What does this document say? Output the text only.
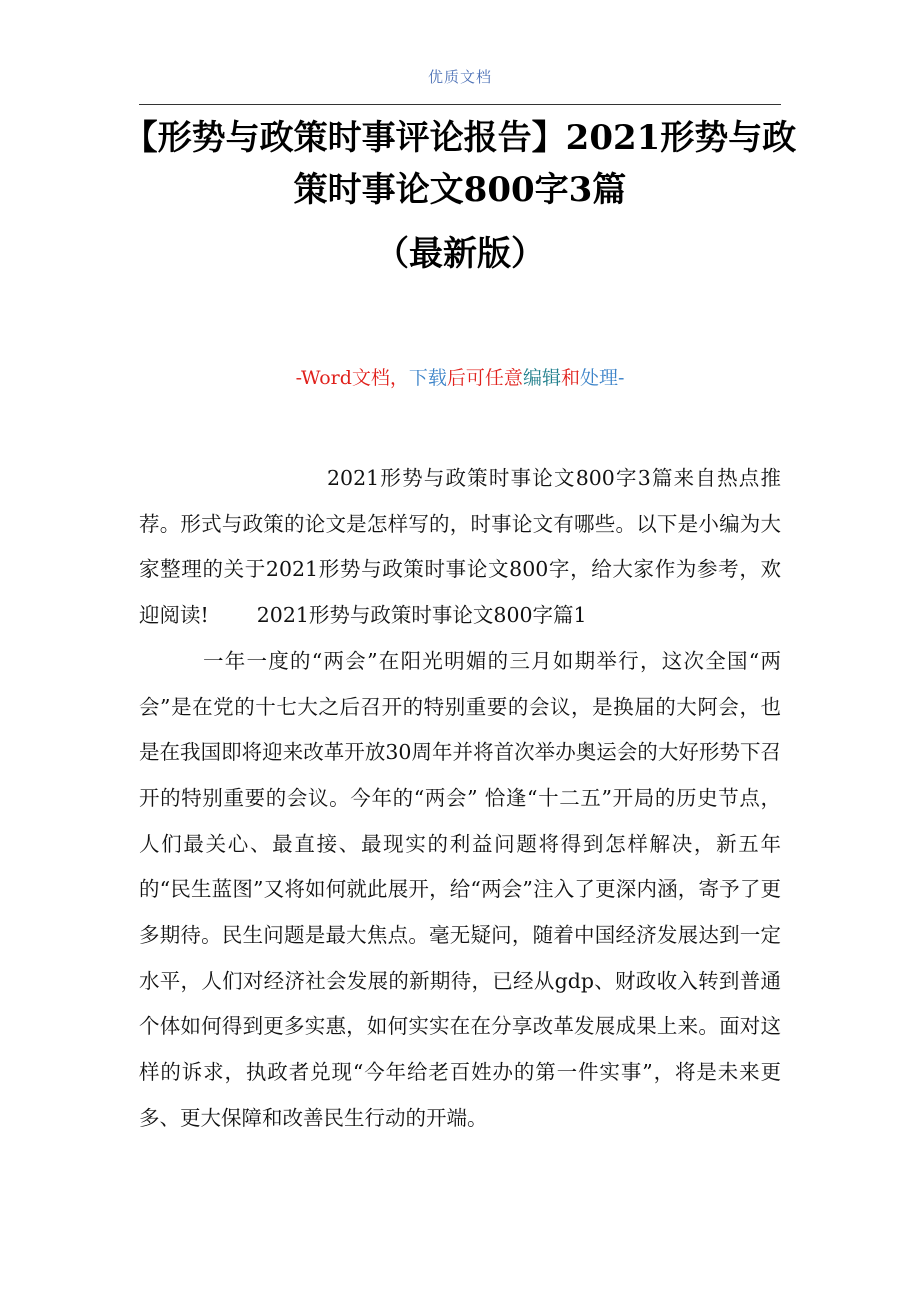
优质文档
【形势与政策时事评论报告】2021形势与政策时事论文800字3篇
（最新版）
-Word文档，下载后可任意编辑和处理-

2021形势与政策时事论文800字3篇来自热点推荐。形式与政策的论文是怎样写的，时事论文有哪些。以下是小编为大家整理的关于2021形势与政策时事论文800字，给大家作为参考，欢迎阅读! 2021形势与政策时事论文800字篇1

一年一度的“两会”在阳光明媚的三月如期举行，这次全国“两会”是在党的十七大之后召开的特别重要的会议，是换届的大阿会，也是在我国即将迎来改革开放30周年并将首次举办奥运会的大好形势下召开的特别重要的会议。今年的“两会” 恰逢“十二五”开局的历史节点，人们最关心、最直接、最现实的利益问题将得到怎样解决，新五年的“民生蓝图”又将如何就此展开，给“两会”注入了更深内涵，寄予了更多期待。民生问题是最大焦点。毫无疑问，随着中国经济发展达到一定水平，人们对经济社会发展的新期待，已经从gdp、财政收入转到普通个体如何得到更多实惠，如何实实在在分享改革发展成果上来。面对这样的诉求，执政者兑现“今年给老百姓办的第一件实事”，将是未来更多、更大保障和改善民生行动的开端。
